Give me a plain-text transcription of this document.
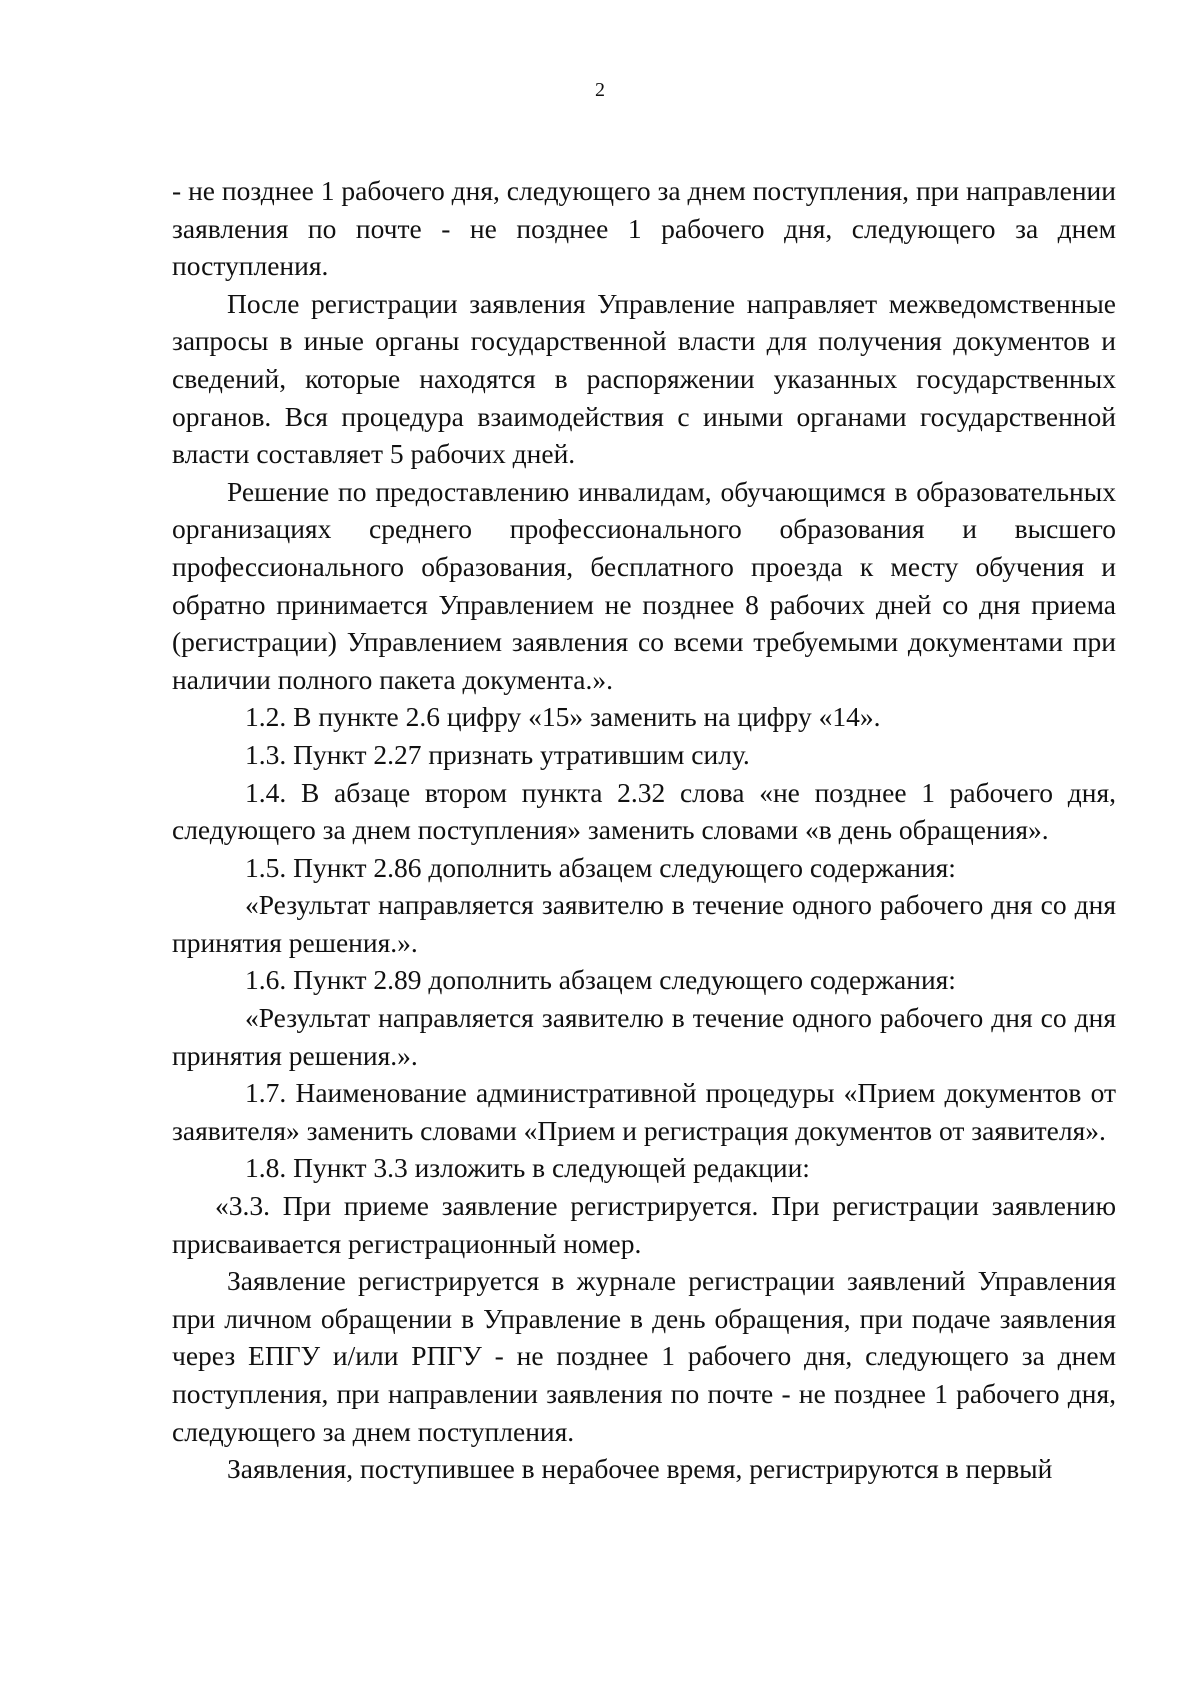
2

- не позднее 1 рабочего дня, следующего за днем поступления, при направлении заявления по почте - не позднее 1 рабочего дня, следующего за днем поступления.

После регистрации заявления Управление направляет межведомственные запросы в иные органы государственной власти для получения документов и сведений, которые находятся в распоряжении указанных государственных органов. Вся процедура взаимодействия с иными органами государственной власти составляет 5 рабочих дней.

Решение по предоставлению инвалидам, обучающимся в образовательных организациях среднего профессионального образования и высшего профессионального образования, бесплатного проезда к месту обучения и обратно принимается Управлением не позднее 8 рабочих дней со дня приема (регистрации) Управлением заявления со всеми требуемыми документами при наличии полного пакета документа.».

1.2. В пункте 2.6 цифру «15» заменить на цифру «14».

1.3. Пункт 2.27 признать утратившим силу.

1.4. В абзаце втором пункта 2.32 слова «не позднее 1 рабочего дня, следующего за днем поступления» заменить словами «в день обращения».

1.5. Пункт 2.86 дополнить абзацем следующего содержания:

«Результат направляется заявителю в течение одного рабочего дня со дня принятия решения.».

1.6. Пункт 2.89 дополнить абзацем следующего содержания:

«Результат направляется заявителю в течение одного рабочего дня со дня принятия решения.».

1.7. Наименование административной процедуры «Прием документов от заявителя» заменить словами «Прием и регистрация документов от заявителя».

1.8. Пункт 3.3 изложить в следующей редакции:

«3.3. При приеме заявление регистрируется. При регистрации заявлению присваивается регистрационный номер.

Заявление регистрируется в журнале регистрации заявлений Управления при личном обращении в Управление в день обращения, при подаче заявления через ЕПГУ и/или РПГУ - не позднее 1 рабочего дня, следующего за днем поступления, при направлении заявления по почте - не позднее 1 рабочего дня, следующего за днем поступления.

Заявления, поступившее в нерабочее время, регистрируются в первый
